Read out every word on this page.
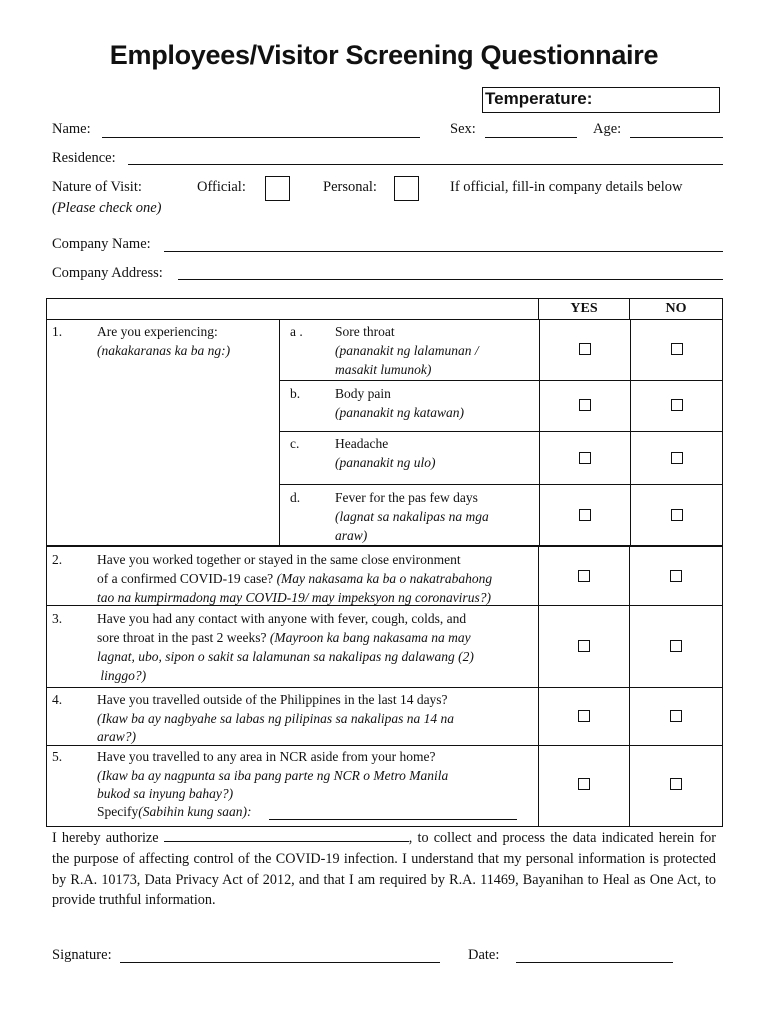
Employees/Visitor Screening Questionnaire
Temperature:
Name:	Sex:	Age:
Residence:
Nature of Visit:
(Please check one)
Official:	Personal:	If official, fill-in company details below
Company Name:
Company Address:
YES	NO
1.	Are you experiencing:
(nakakaranas ka ba ng:)
a . Sore throat
(pananakit ng lalamunan / masakit lumunok)
b.	Body pain
(pananakit ng katawan)
c.	Headache
(pananakit ng ulo)
d.	Fever for the pas few days
(lagnat sa nakalipas na mga araw)
2.	Have you worked together or stayed in the same close environment
of a confirmed COVID-19 case? (May nakasama ka ba o nakatrabahong
tao na kumpirmadong may COVID-19/ may impeksyon ng coronavirus?)
3.	Have you had any contact with anyone with fever, cough, colds, and
sore throat in the past 2 weeks? (Mayroon ka bang nakasama na may
lagnat, ubo, sipon o sakit sa lalamunan sa nakalipas ng dalawang (2)
linggo?)
4.	Have you travelled outside of the Philippines in the last 14 days?
(Ikaw ba ay nagbyahe sa labas ng pilipinas sa nakalipas na 14 na
araw?)
5.	Have you travelled to any area in NCR aside from your home?
(Ikaw ba ay nagpunta sa iba pang parte ng NCR o Metro Manila
bukod sa inyung bahay?)
Specify(Sabihin kung saan):
I hereby authorize	, to collect and process the data indicated herein for the purpose of affecting control of the COVID-19 infection. I understand that my personal information is protected by R.A. 10173, Data Privacy Act of 2012, and that I am required by R.A. 11469, Bayanihan to Heal as One Act, to provide truthful information.
Signature:	Date:
